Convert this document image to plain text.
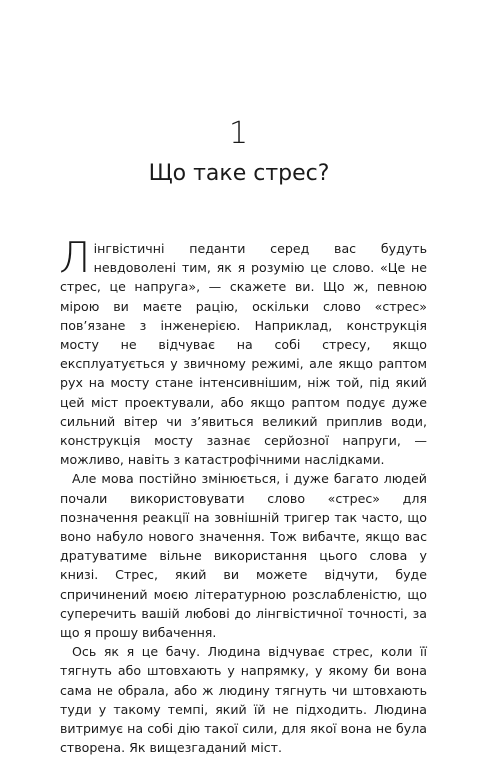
1
Що таке стрес?

Лінгвістичні педанти серед вас будуть невдоволені тим, як я розумію це слово. «Це не стрес, це напруга», — скажете ви. Що ж, певною мірою ви маєте рацію, оскільки слово «стрес» пов’язане з інженерією. Наприклад, конструкція мосту не відчуває на собі стресу, якщо експлуатується у звичному режимі, але якщо раптом рух на мосту стане інтенсивнішим, ніж той, під який цей міст проектували, або якщо раптом подує дуже сильний вітер чи з’явиться великий приплив води, конструкція мосту зазнає серйозної напруги, — можливо, навіть з катастрофічними наслідками.

Але мова постійно змінюється, і дуже багато людей почали використовувати слово «стрес» для позначення реакції на зовнішній тригер так часто, що воно набуло нового значення. Тож вибачте, якщо вас дратуватиме вільне використання цього слова у книзі. Стрес, який ви можете відчути, буде спричинений моєю літературною розслабленістю, що суперечить вашій любові до лінгвістичної точності, за що я прошу вибачення.

Ось як я це бачу. Людина відчуває стрес, коли її тягнуть або штовхають у напрямку, у якому би вона сама не обрала, або ж людину тягнуть чи штовхають туди у такому темпі, який їй не підходить. Людина витримує на собі дію такої сили, для якої вона не була створена. Як вищезгаданий міст.
